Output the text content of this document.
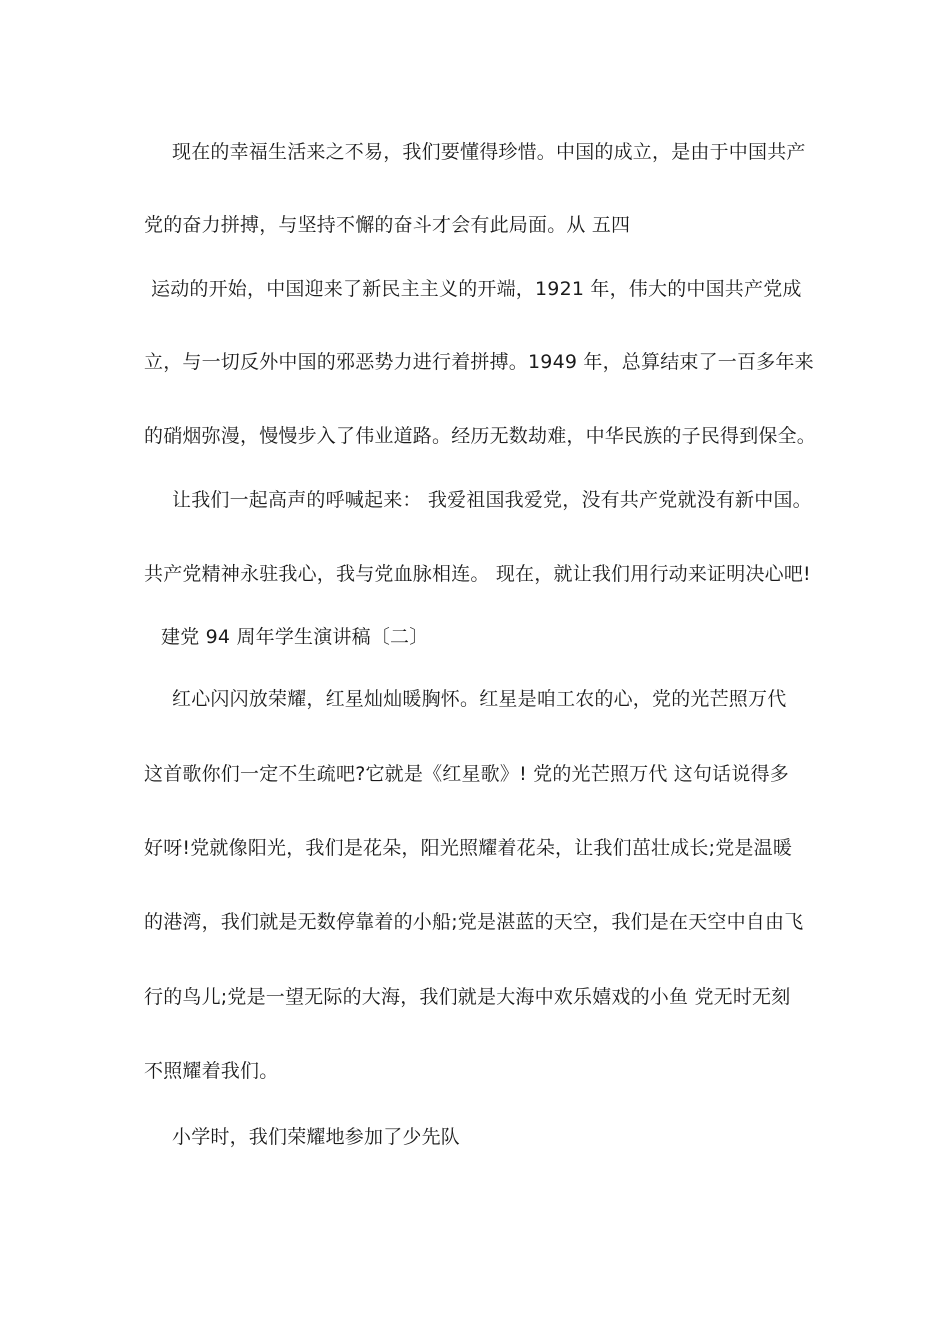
现在的幸福生活来之不易，我们要懂得珍惜。中国的成立，是由于中国共产
党的奋力拼搏，与坚持不懈的奋斗才会有此局面。从 五四
运动的开始，中国迎来了新民主主义的开端，1921 年，伟大的中国共产党成
立，与一切反外中国的邪恶势力进行着拼搏。1949 年，总算结束了一百多年来
的硝烟弥漫，慢慢步入了伟业道路。经历无数劫难，中华民族的子民得到保全。
让我们一起高声的呼喊起来： 我爱祖国我爱党，没有共产党就没有新中国。
共产党精神永驻我心，我与党血脉相连。 现在，就让我们用行动来证明决心吧!
建党 94 周年学生演讲稿〔二〕
红心闪闪放荣耀，红星灿灿暖胸怀。红星是咱工农的心，党的光芒照万代
这首歌你们一定不生疏吧?它就是《红星歌》! 党的光芒照万代 这句话说得多
好呀!党就像阳光，我们是花朵，阳光照耀着花朵，让我们茁壮成长;党是温暖
的港湾，我们就是无数停靠着的小船;党是湛蓝的天空，我们是在天空中自由飞
行的鸟儿;党是一望无际的大海，我们就是大海中欢乐嬉戏的小鱼 党无时无刻
不照耀着我们。
小学时，我们荣耀地参加了少先队
